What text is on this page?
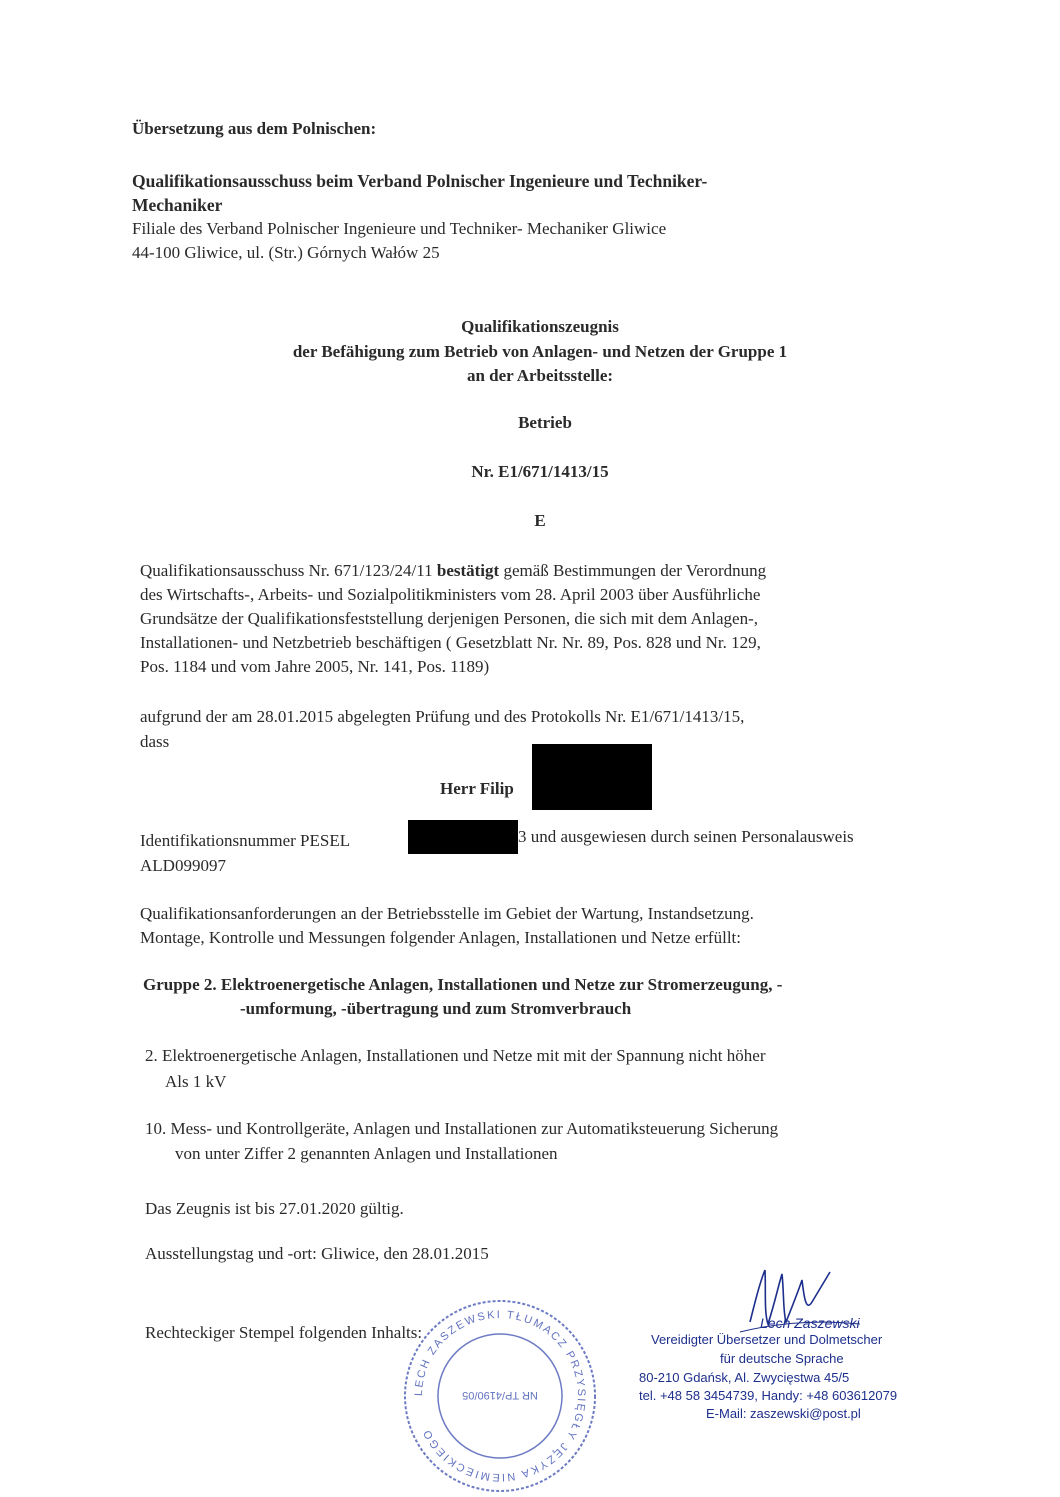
Übersetzung aus dem Polnischen:
Qualifikationsausschuss beim Verband Polnischer Ingenieure und Techniker-
Mechaniker
Filiale des Verband Polnischer Ingenieure und Techniker- Mechaniker Gliwice
44-100 Gliwice, ul. (Str.) Górnych Wałów 25
Qualifikationszeugnis
der Befähigung zum Betrieb von Anlagen- und Netzen der Gruppe 1
an der Arbeitsstelle:
Betrieb
Nr. E1/671/1413/15
E
Qualifikationsausschuss Nr. 671/123/24/11 bestätigt gemäß Bestimmungen der Verordnung
des Wirtschafts-, Arbeits- und Sozialpolitikministers vom 28. April 2003 über Ausführliche
Grundsätze der Qualifikationsfeststellung derjenigen Personen, die sich mit dem Anlagen-,
Installationen- und Netzbetrieb beschäftigen ( Gesetzblatt Nr. Nr. 89, Pos. 828 und Nr. 129,
Pos. 1184 und vom Jahre 2005, Nr. 141, Pos. 1189)
aufgrund der am 28.01.2015 abgelegten Prüfung und des Protokolls Nr. E1/671/1413/15,
dass
Herr Filip
Identifikationsnummer PESEL	3 und ausgewiesen durch seinen Personalausweis
ALD099097
Qualifikationsanforderungen an der Betriebsstelle im Gebiet der Wartung, Instandsetzung.
Montage, Kontrolle und Messungen folgender Anlagen, Installationen und Netze erfüllt:
Gruppe 2. Elektroenergetische Anlagen, Installationen und Netze zur Stromerzeugung, -
-umformung, -übertragung und zum Stromverbrauch
2. Elektroenergetische Anlagen, Installationen und Netze mit mit der Spannung nicht höher
Als 1 kV
10. Mess- und Kontrollgeräte, Anlagen und Installationen zur Automatiksteuerung Sicherung
von unter Ziffer 2 genannten Anlagen und Installationen
Das Zeugnis ist bis 27.01.2020 gültig.
Ausstellungstag und -ort: Gliwice, den 28.01.2015
Rechteckiger Stempel folgenden Inhalts:
LECH ZASZEWSKI TŁUMACZ PRZYSIĘGŁY JĘZYKA NIEMIECKIEGO
NR TP/4190/05
Lech Zaszewski
Vereidigter Übersetzer und Dolmetscher
für deutsche Sprache
80-210 Gdańsk, Al. Zwycięstwa 45/5
tel. +48 58 3454739, Handy: +48 603612079
E-Mail: zaszewski@post.pl
